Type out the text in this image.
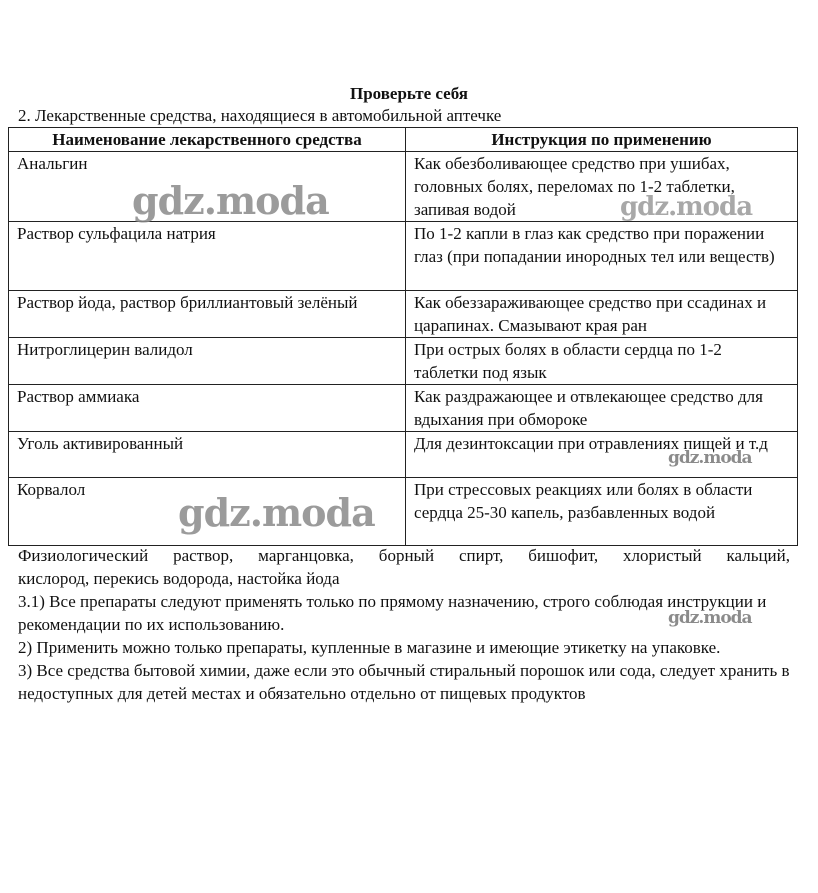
Проверьте себя
2. Лекарственные средства, находящиеся в автомобильной аптечке
Наименование лекарственного средства	Инструкция по применению
Анальгин	Как обезболивающее средство при ушибах, головных болях, переломах по 1-2 таблетки, запивая водой
Раствор сульфацила натрия	По 1-2 капли в глаз как средство при поражении глаз (при попадании инородных тел или веществ)
Раствор йода, раствор бриллиантовый зелёный	Как обеззараживающее средство при ссадинах и царапинах. Смазывают края ран
Нитроглицерин валидол	При острых болях в области сердца по 1-2 таблетки под язык
Раствор аммиака	Как раздражающее и отвлекающее средство для вдыхания при обмороке
Уголь активированный	Для дезинтоксации при отравлениях пищей и т.д
Корвалол	При стрессовых реакциях или болях в области сердца 25-30 капель, разбавленных водой

Физиологический раствор, марганцовка, борный спирт, бишофит, хлористый кальций,

кислород, перекись водорода, настойка йода

3.1) Все препараты следуют применять только по прямому назначению, строго соблюдая инструкции и рекомендации по их использованию.

2) Применить можно только препараты, купленные в магазине и имеющие этикетку на упаковке.

3) Все средства бытовой химии, даже если это обычный стиральный порошок или сода, следует хранить в недоступных для детей местах и обязательно отдельно от пищевых продуктов

gdz.moda	gdz.moda
gdz.moda
gdz.moda
gdz.moda
